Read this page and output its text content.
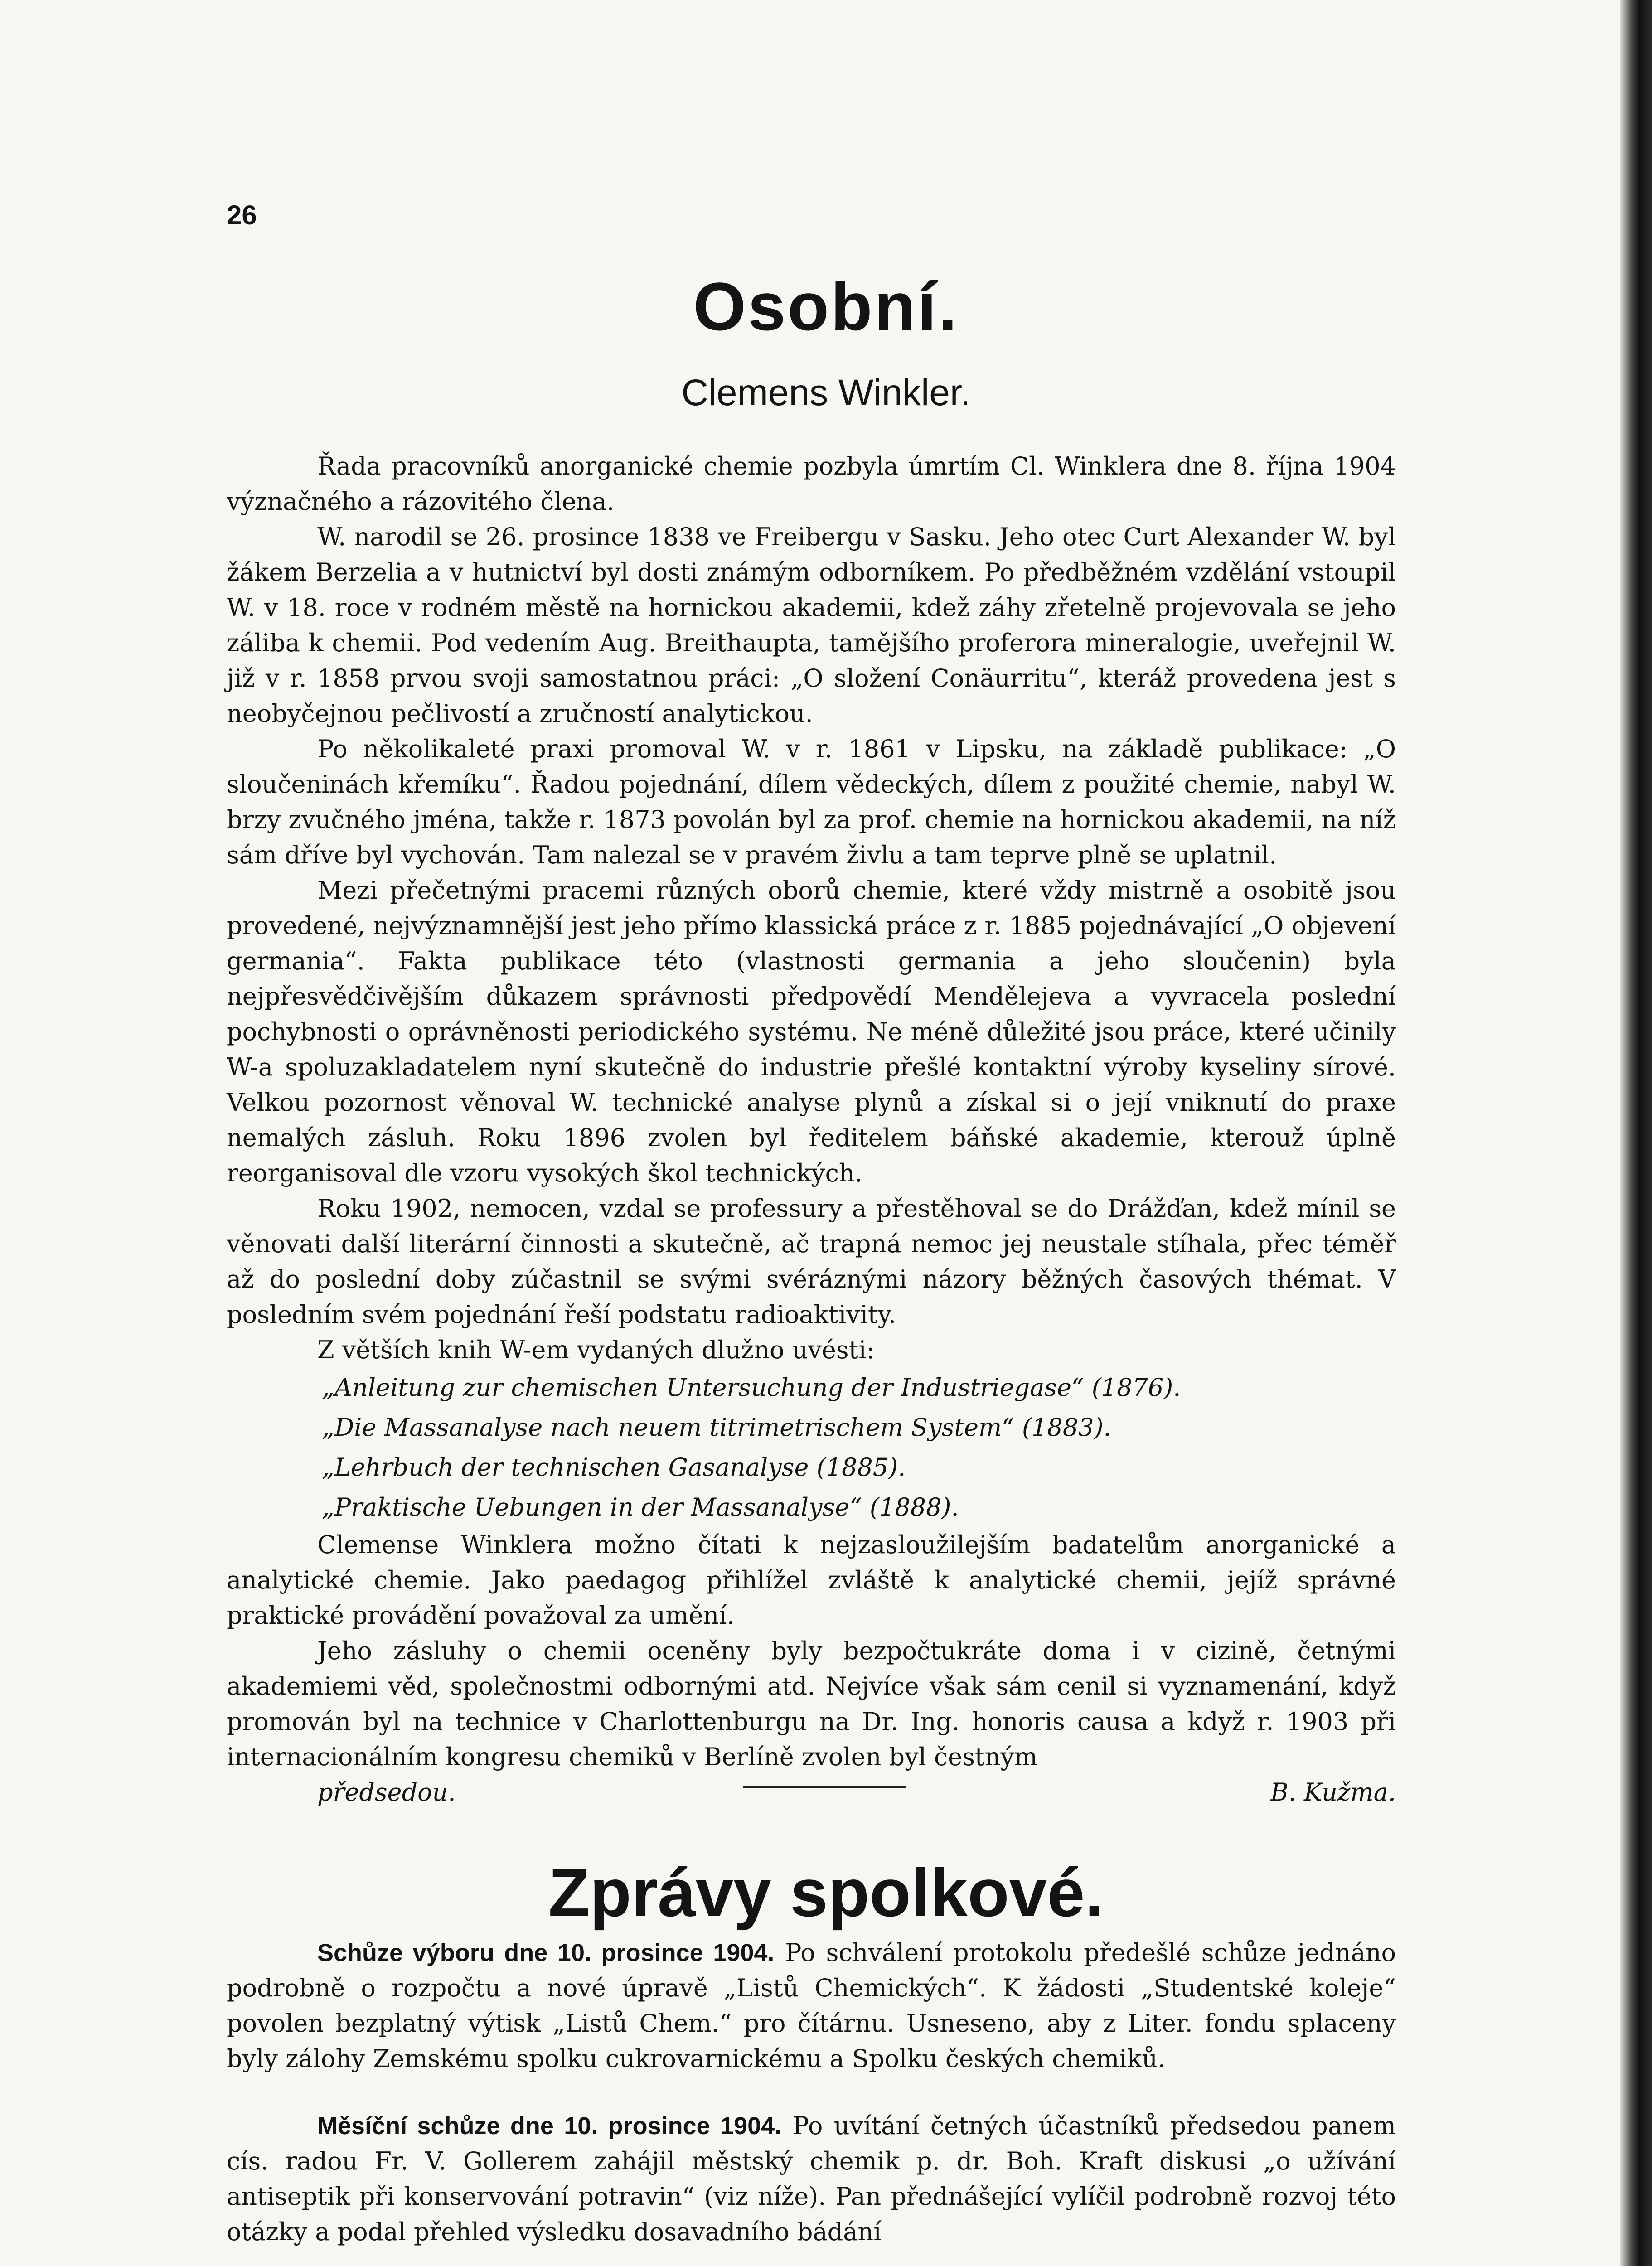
26
Osobní.
Clemens Winkler.

Řada pracovníků anorganické chemie pozbyla úmrtím Cl. Winklera dne 8. října 1904 význačného a rázovitého člena.

W. narodil se 26. prosince 1838 ve Freibergu v Sasku. Jeho otec Curt Alexander W. byl žákem Berzelia a v hutnictví byl dosti známým odborníkem. Po předběžném vzdělání vstoupil W. v 18. roce v rodném městě na hornickou akademii, kdež záhy zřetelně projevovala se jeho záliba k chemii. Pod vedením Aug. Breithaupta, tamějšího proferora mineralogie, uveřejnil W. již v r. 1858 prvou svoji samostatnou práci: „O složení Conäurritu“, kteráž provedena jest s neobyčejnou pečlivostí a zručností analytickou.

Po několikaleté praxi promoval W. v r. 1861 v Lipsku, na základě publikace: „O sloučeninách křemíku“. Řadou pojednání, dílem vědeckých, dílem z použité chemie, nabyl W. brzy zvučného jména, takže r. 1873 povolán byl za prof. chemie na hornickou akademii, na níž sám dříve byl vychován. Tam nalezal se v pravém živlu a tam teprve plně se uplatnil.

Mezi přečetnými pracemi různých oborů chemie, které vždy mistrně a osobitě jsou provedené, nejvýznamnější jest jeho přímo klassická práce z r. 1885 pojednávající „O objevení germania“. Fakta publikace této (vlastnosti germania a jeho sloučenin) byla nejpřesvědčivějším důkazem správnosti předpovědí Mendělejeva a vyvracela poslední pochybnosti o oprávněnosti periodického systému. Ne méně důležité jsou práce, které učinily W-a spoluzakladatelem nyní skutečně do industrie přešlé kontaktní výroby kyseliny sírové. Velkou pozornost věnoval W. technické analyse plynů a získal si o její vniknutí do praxe nemalých zásluh. Roku 1896 zvolen byl ředitelem báňské akademie, kterouž úplně reorganisoval dle vzoru vysokých škol technických.

Roku 1902, nemocen, vzdal se professury a přestěhoval se do Drážďan, kdež mínil se věnovati další literární činnosti a skutečně, ač trapná nemoc jej neustale stíhala, přec téměř až do poslední doby zúčastnil se svými svéráznými názory běžných časových thémat. V posledním svém pojednání řeší podstatu radioaktivity.

Z větších knih W-em vydaných dlužno uvésti:

„Anleitung zur chemischen Untersuchung der Industriegase“ (1876).
„Die Massanalyse nach neuem titrimetrischem System“ (1883).
„Lehrbuch der technischen Gasanalyse (1885).
„Praktische Uebungen in der Massanalyse“ (1888).

Clemense Winklera možno čítati k nejzasloužilejším badatelům anorganické a analytické chemie. Jako paedagog přihlížel zvláště k analytické chemii, jejíž správné praktické provádění považoval za umění.

Jeho zásluhy o chemii oceněny byly bezpočtukráte doma i v cizině, četnými akademiemi věd, společnostmi odbornými atd. Nejvíce však sám cenil si vyznamenání, když promován byl na technice v Charlottenburgu na Dr. Ing. honoris causa a když r. 1903 při internacionálním kongresu chemiků v Berlíně zvolen byl čestným

předsedou.	B. Kužma.

Zprávy spolkové.

Schůze výboru dne 10. prosince 1904. Po schválení protokolu předešlé schůze jednáno podrobně o rozpočtu a nové úpravě „Listů Chemických“. K žádosti „Studentské koleje“ povolen bezplatný výtisk „Listů Chem.“ pro čítárnu. Usneseno, aby z Liter. fondu splaceny byly zálohy Zemskému spolku cukrovarnickému a Spolku českých chemiků.

Měsíční schůze dne 10. prosince 1904. Po uvítání četných účastníků předsedou panem cís. radou Fr. V. Gollerem zahájil městský chemik p. dr. Boh. Kraft diskusi „o užívání antiseptik při konservování potravin“ (viz níže). Pan přednášející vylíčil podrobně rozvoj této otázky a podal přehled výsledku dosavadního bádání
